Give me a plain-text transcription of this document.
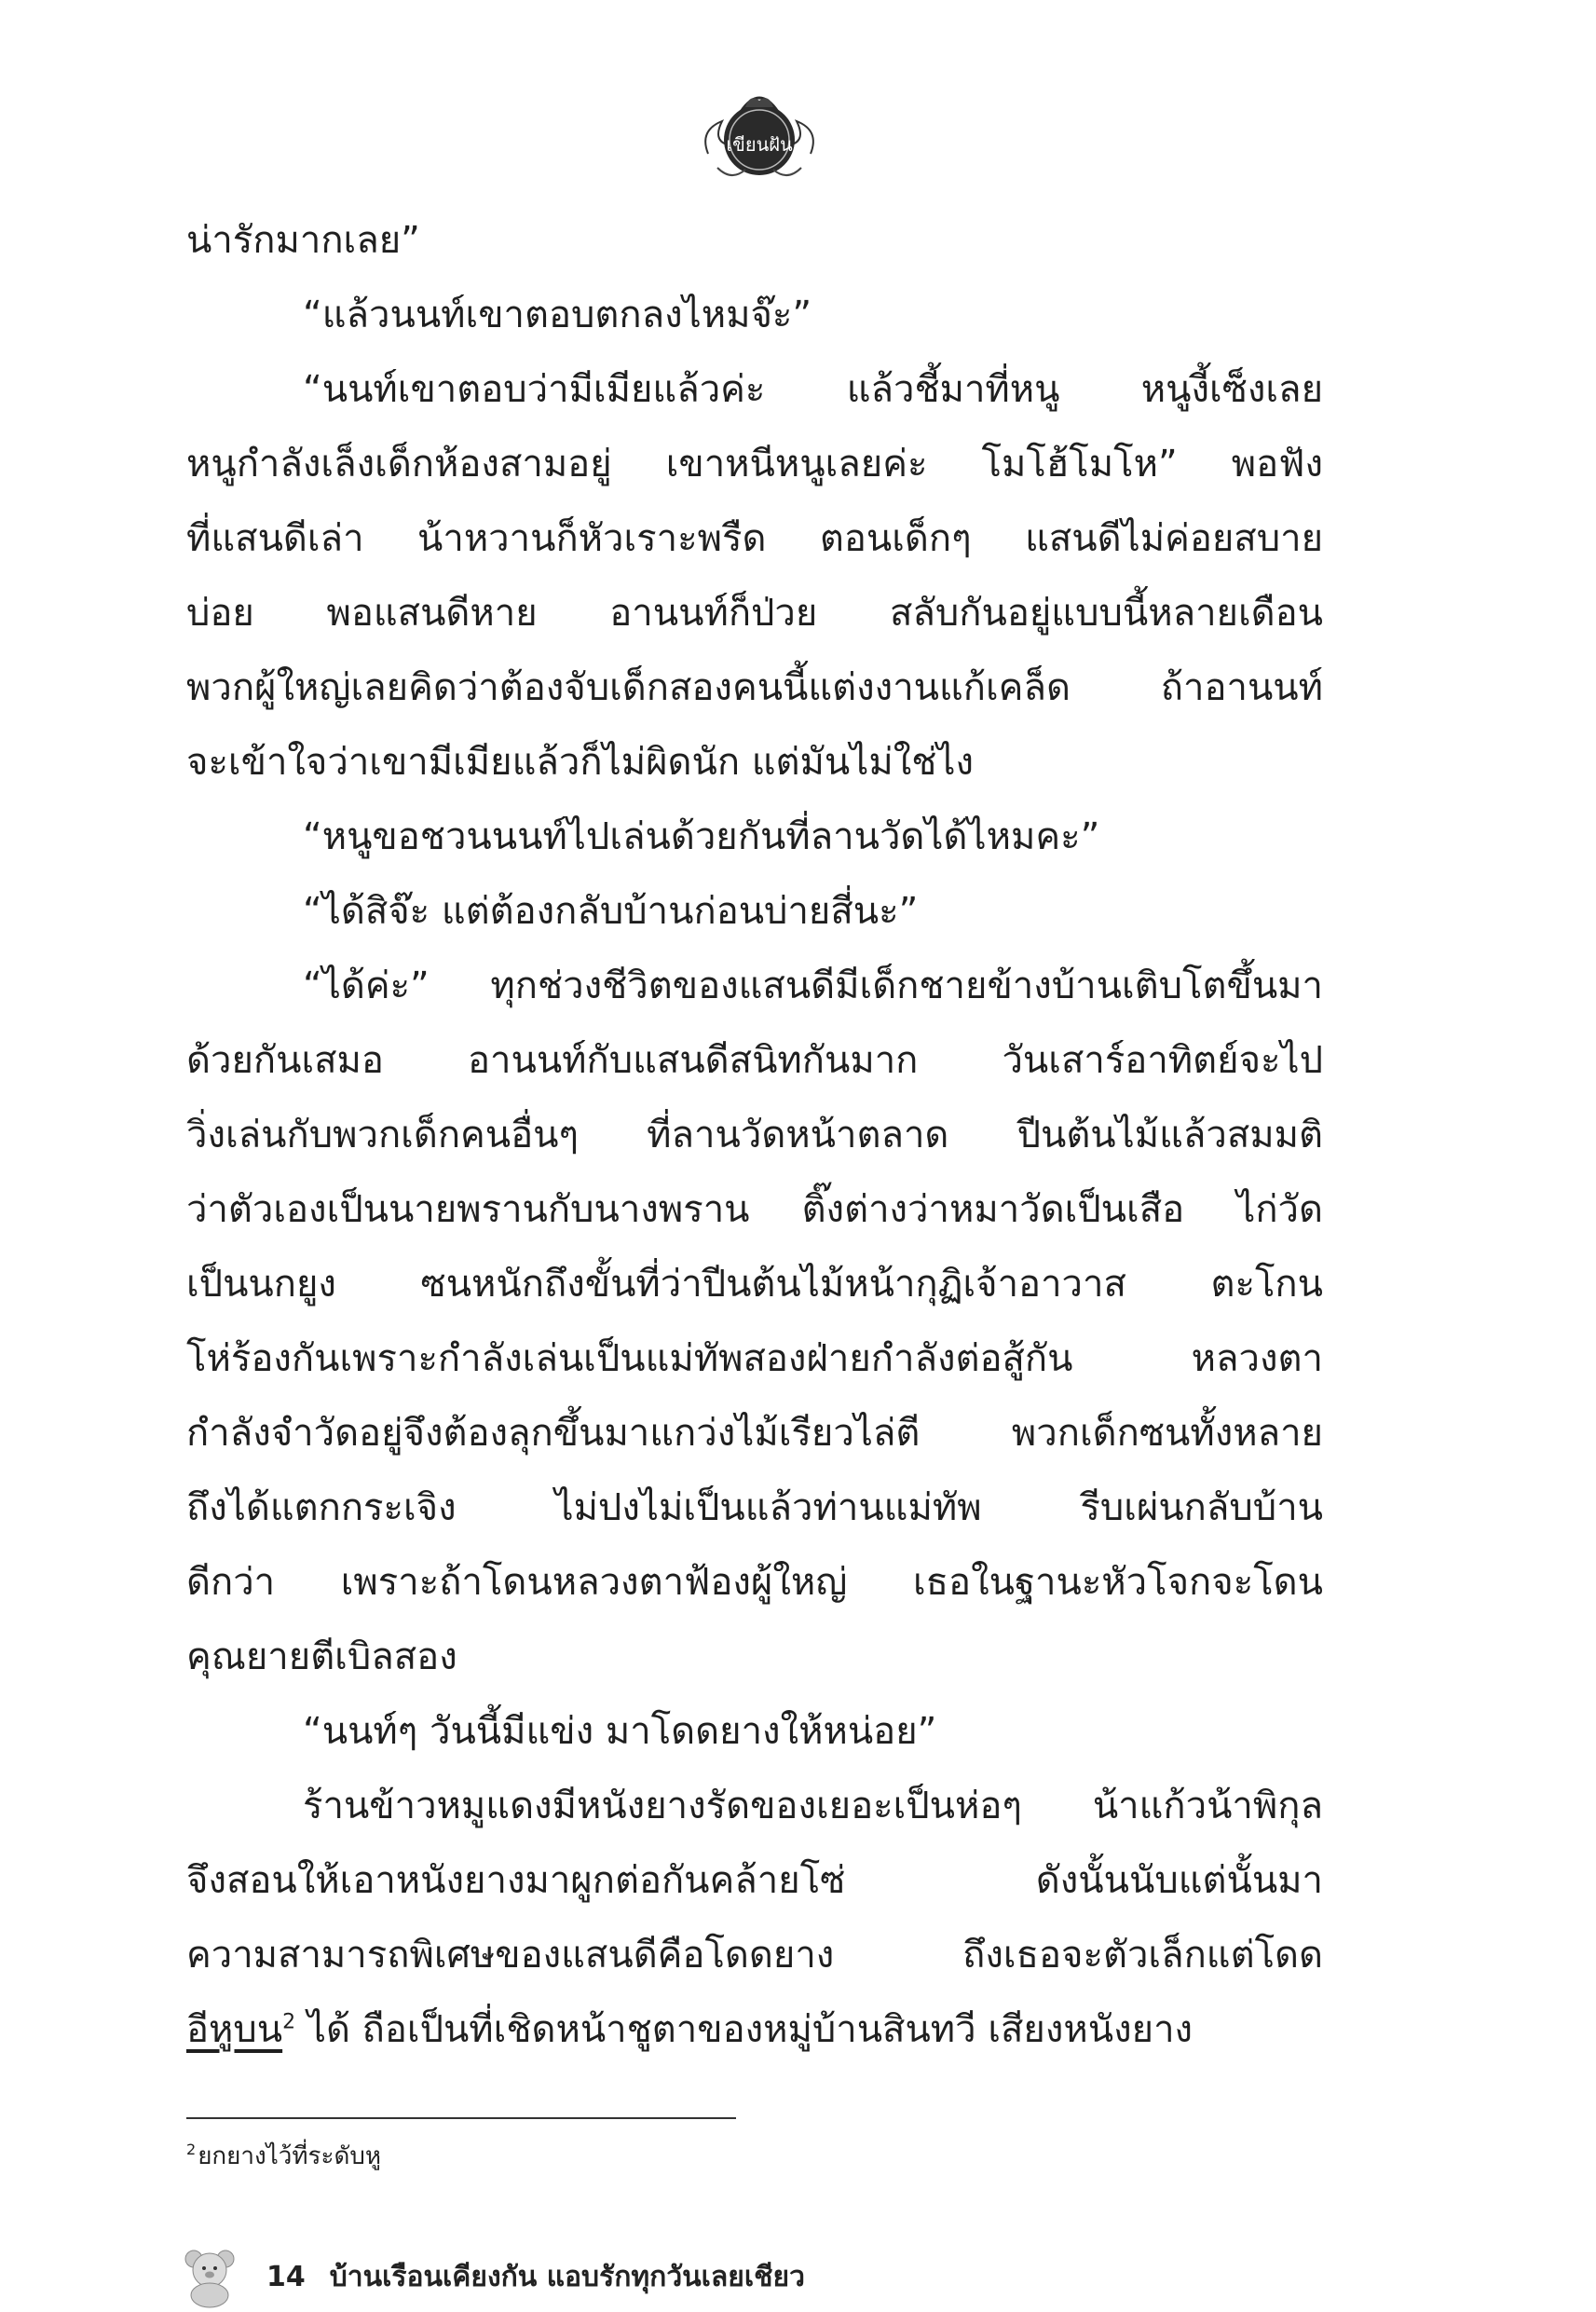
เขียนฝัน
น่ารักมากเลย”
“แล้วนนท์เขาตอบตกลงไหมจ๊ะ”
“นนท์เขาตอบว่ามีเมียแล้วค่ะ แล้วชี้มาที่หนู หนูงี้เซ็งเลย
หนูกำลังเล็งเด็กห้องสามอยู่ เขาหนีหนูเลยค่ะ โมโฮ้โมโห” พอฟัง
ที่แสนดีเล่า น้าหวานก็หัวเราะพรืด ตอนเด็กๆ แสนดีไม่ค่อยสบาย
บ่อย พอแสนดีหาย อานนท์ก็ป่วย สลับกันอยู่แบบนี้หลายเดือน
พวกผู้ใหญ่เลยคิดว่าต้องจับเด็กสองคนนี้แต่งงานแก้เคล็ด ถ้าอานนท์
จะเข้าใจว่าเขามีเมียแล้วก็ไม่ผิดนัก แต่มันไม่ใช่ไง
“หนูขอชวนนนท์ไปเล่นด้วยกันที่ลานวัดได้ไหมคะ”
“ได้สิจ๊ะ แต่ต้องกลับบ้านก่อนบ่ายสี่นะ”
“ได้ค่ะ” ทุกช่วงชีวิตของแสนดีมีเด็กชายข้างบ้านเติบโตขึ้นมา
ด้วยกันเสมอ อานนท์กับแสนดีสนิทกันมาก วันเสาร์อาทิตย์จะไป
วิ่งเล่นกับพวกเด็กคนอื่นๆ ที่ลานวัดหน้าตลาด ปีนต้นไม้แล้วสมมติ
ว่าตัวเองเป็นนายพรานกับนางพราน ติ๊งต่างว่าหมาวัดเป็นเสือ ไก่วัด
เป็นนกยูง ซนหนักถึงขั้นที่ว่าปีนต้นไม้หน้ากุฏิเจ้าอาวาส ตะโกน
โห่ร้องกันเพราะกำลังเล่นเป็นแม่ทัพสองฝ่ายกำลังต่อสู้กัน หลวงตา
กำลังจำวัดอยู่จึงต้องลุกขึ้นมาแกว่งไม้เรียวไล่ตี พวกเด็กซนทั้งหลาย
ถึงได้แตกกระเจิง ไม่ปงไม่เป็นแล้วท่านแม่ทัพ รีบเผ่นกลับบ้าน
ดีกว่า เพราะถ้าโดนหลวงตาฟ้องผู้ใหญ่ เธอในฐานะหัวโจกจะโดน
คุณยายตีเบิลสอง
“นนท์ๆ วันนี้มีแข่ง มาโดดยางให้หน่อย”
ร้านข้าวหมูแดงมีหนังยางรัดของเยอะเป็นห่อๆ น้าแก้วน้าพิกุล
จึงสอนให้เอาหนังยางมาผูกต่อกันคล้ายโซ่ ดังนั้นนับแต่นั้นมา
ความสามารถพิเศษของแสนดีคือโดดยาง ถึงเธอจะตัวเล็กแต่โดด
อีหูบน$^2$ ได้ ถือเป็นที่เชิดหน้าชูตาของหมู่บ้านสินทวี เสียงหนังยาง
$^2$ยกยางไว้ที่ระดับหู
14 บ้านเรือนเคียงกัน แอบรักทุกวันเลยเชียว
